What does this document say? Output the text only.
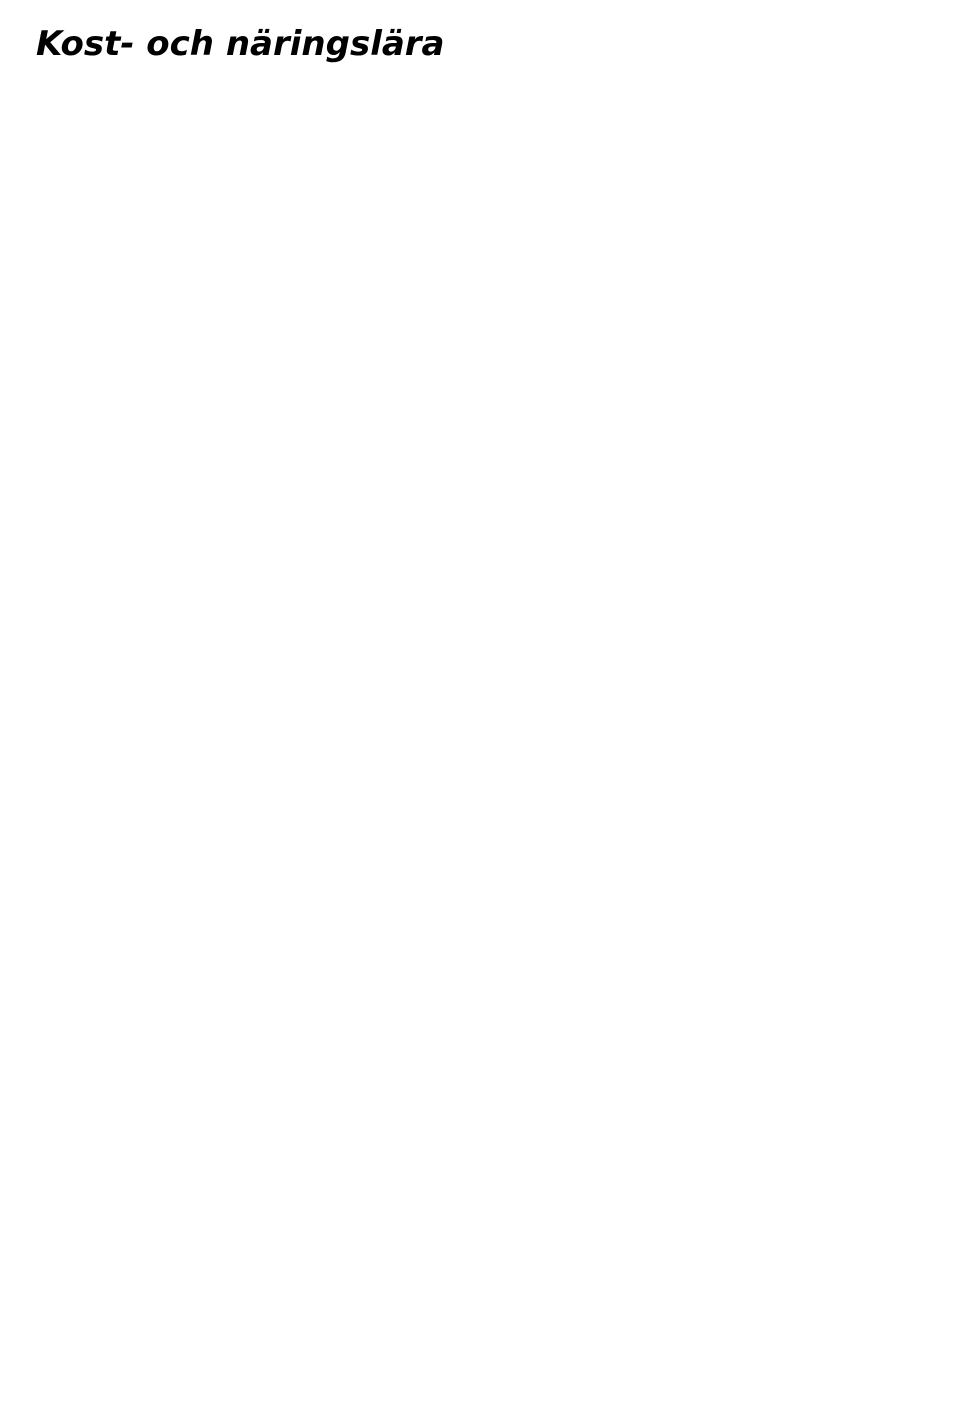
Kost- och näringslära
